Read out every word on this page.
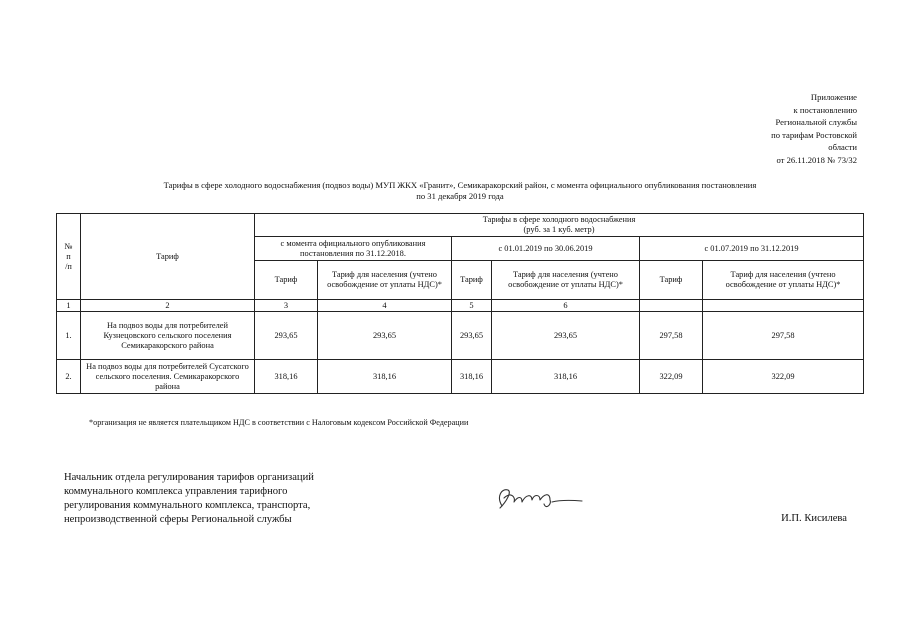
Приложение
к постановлению
Региональной службы
по тарифам Ростовской
области
от 26.11.2018 № 73/32
Тарифы в сфере холодного водоснабжения (подвоз воды) МУП ЖКХ «Гранит», Семикаракорский район, с момента официального опубликования постановления
по 31 декабря 2019 года
№
п
/п	Тариф	Тарифы в сфере холодного водоснабжения
(руб. за 1 куб. метр)					
		с момента официального опубликования постановления по 31.12.2018.		с 01.01.2019 по 30.06.2019		с 01.07.2019 по 31.12.2019	
		Тариф	Тариф для населения (учтено освобождение от уплаты НДС)*	Тариф	Тариф для населения (учтено освобождение от уплаты НДС)*	Тариф	Тариф для населения (учтено освобождение от уплаты НДС)*
1	2	3	4	5	6		
1.	На подвоз воды для потребителей Кузнецовского сельского поселения Семикаракорского района	293,65	293,65	293,65	293,65	297,58	297,58
2.	На подвоз воды для потребителей Сусатского сельского поселения. Семикаракорского района	318,16	318,16	318,16	318,16	322,09	322,09
*организация не является плательщиком НДС в соответствии с Налоговым кодексом Российской Федерации
Начальник отдела регулирования тарифов организаций
коммунального комплекса управления тарифного
регулирования коммунального комплекса, транспорта,
непроизводственной сферы Региональной службы	И.П. Кисилева
